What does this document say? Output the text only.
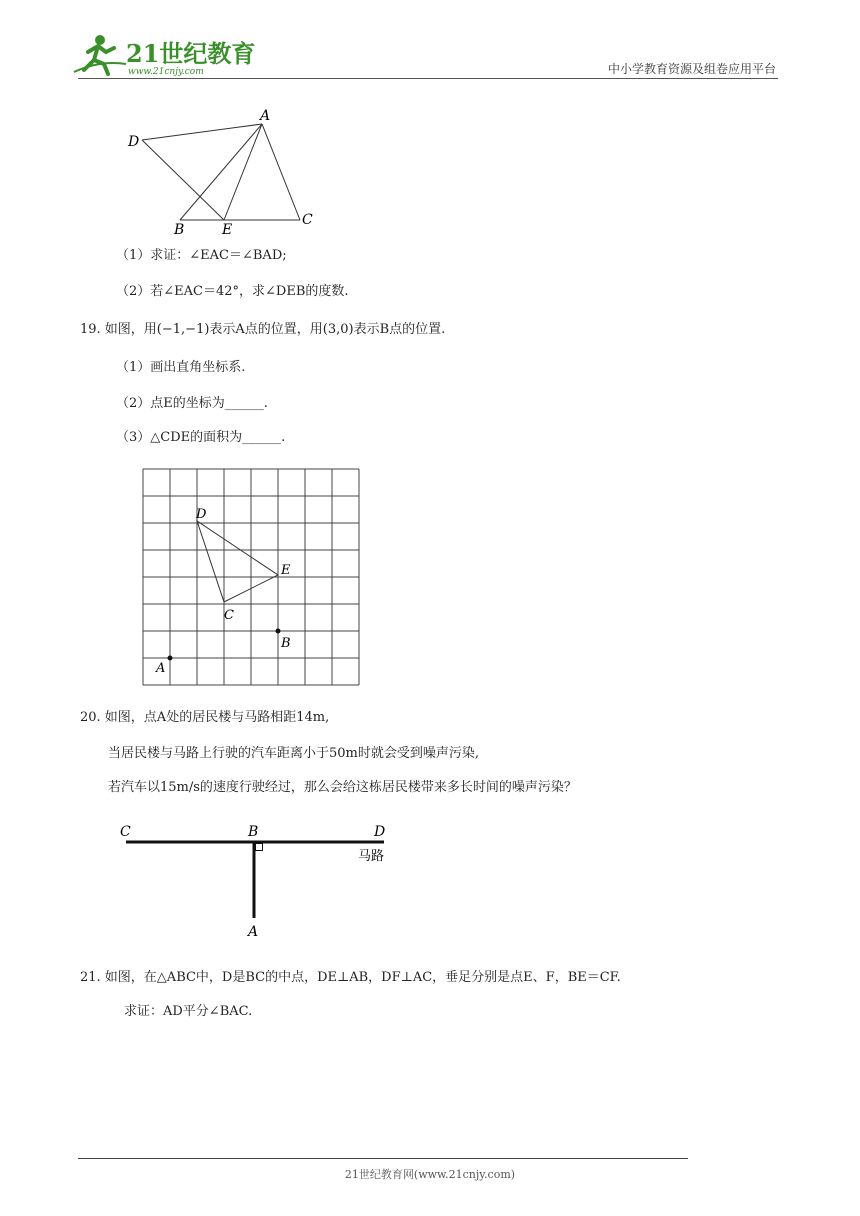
21世纪教育
www.21cnjy.com	中小学教育资源及组卷应用平台
D
A
B	E
C
（1）求证：∠EAC＝∠BAD;
（2）若∠EAC＝42°，求∠DEB的度数.
19. 如图，用(−1,−1)表示A点的位置，用(3,0)表示B点的位置.
（1）画出直角坐标系.
（2）点E的坐标为______.
（3）△CDE的面积为______.
D
E
C
B
A
20. 如图，点A处的居民楼与马路相距14m,
当居民楼与马路上行驶的汽车距离小于50m时就会受到噪声污染,
若汽车以15m/s的速度行驶经过，那么会给这栋居民楼带来多长时间的噪声污染？
C	B	D
A
马路
21. 如图，在△ABC中，D是BC的中点，DE⊥AB，DF⊥AC，垂足分别是点E、F，BE＝CF.
求证：AD平分∠BAC.
21世纪教育网(www.21cnjy.com)
